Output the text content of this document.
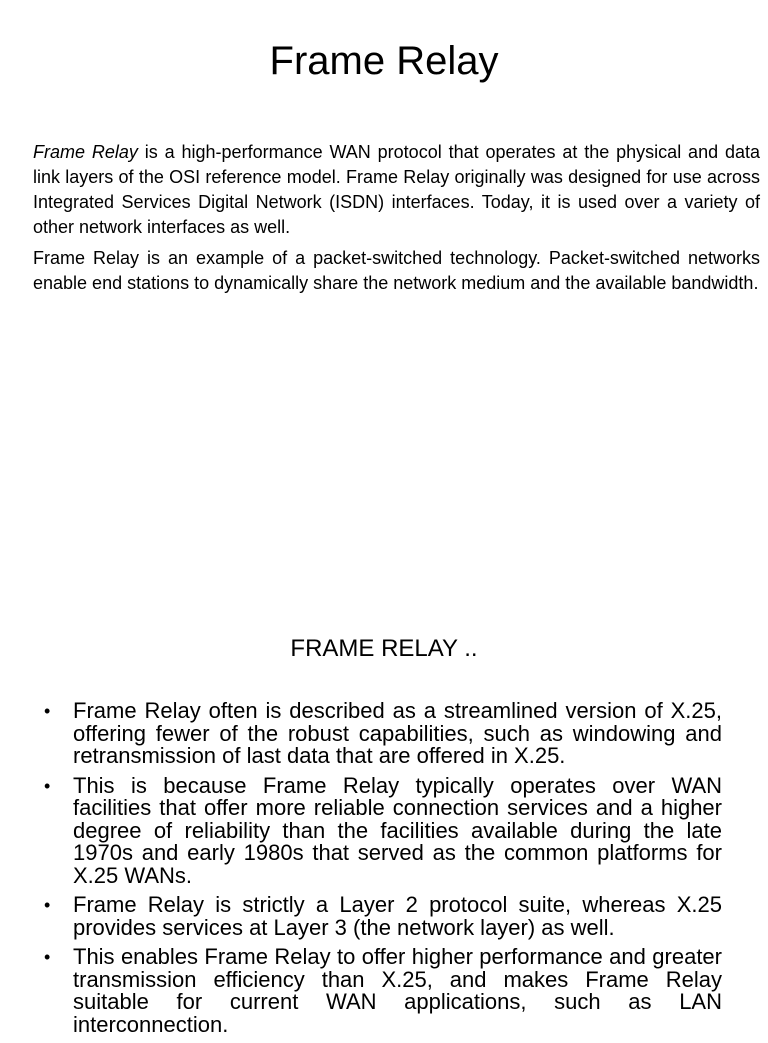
Frame Relay

Frame Relay is a high-performance WAN protocol that operates at the physical and data link layers of the OSI reference model. Frame Relay originally was designed for use across Integrated Services Digital Network (ISDN) interfaces. Today, it is used over a variety of other network interfaces as well.

Frame Relay is an example of a packet-switched technology. Packet-switched networks enable end stations to dynamically share the network medium and the available bandwidth.

FRAME RELAY ..
• Frame Relay often is described as a streamlined version of X.25, offering fewer of the robust capabilities, such as windowing and retransmission of last data that are offered in X.25.
• This is because Frame Relay typically operates over WAN facilities that offer more reliable connection services and a higher degree of reliability than the facilities available during the late 1970s and early 1980s that served as the common platforms for X.25 WANs.
• Frame Relay is strictly a Layer 2 protocol suite, whereas X.25 provides services at Layer 3 (the network layer) as well.
• This enables Frame Relay to offer higher performance and greater transmission efficiency than X.25, and makes Frame Relay suitable for current WAN applications, such as LAN interconnection.
